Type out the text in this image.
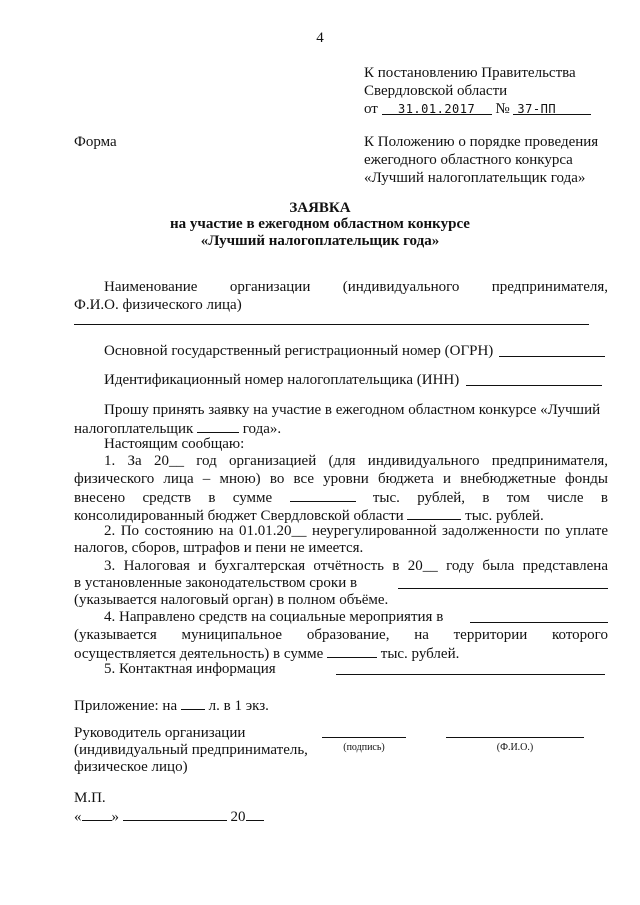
4
К постановлению Правительства
Свердловской области
от 31.01.2017 № 37-ПП
Форма	К Положению о порядке проведения
ежегодного областного конкурса
«Лучший налогоплательщик года»
ЗАЯВКА
на участие в ежегодном областном конкурсе
«Лучший налогоплательщик года»
Наименование организации (индивидуального предпринимателя,
Ф.И.О. физического лица)
Основной государственный регистрационный номер (ОГРН)
Идентификационный номер налогоплательщика (ИНН)
Прошу принять заявку на участие в ежегодном областном конкурсе «Лучший
налогоплательщик	года».
Настоящим сообщаю:
1. За 20__ год организацией (для индивидуального предпринимателя,
физического лица – мною) во все уровни бюджета и внебюджетные фонды
внесено средств в сумме	тыс. рублей, в том числе в
консолидированный бюджет Свердловской области	тыс. рублей.
2. По состоянию на 01.01.20__ неурегулированной задолженности по уплате
налогов, сборов, штрафов и пени не имеется.
3. Налоговая и бухгалтерская отчётность в 20__ году была представлена
в установленные законодательством сроки в
(указывается налоговый орган) в полном объёме.
4. Направлено средств на социальные мероприятия в
(указывается муниципальное образование, на территории которого
осуществляется деятельность) в сумме	тыс. рублей.
5. Контактная информация
Приложение: на л. в 1 экз.
Руководитель организации
(индивидуальный предприниматель,
физическое лицо)
(подпись)	(Ф.И.О.)
М.П.
« »	20
